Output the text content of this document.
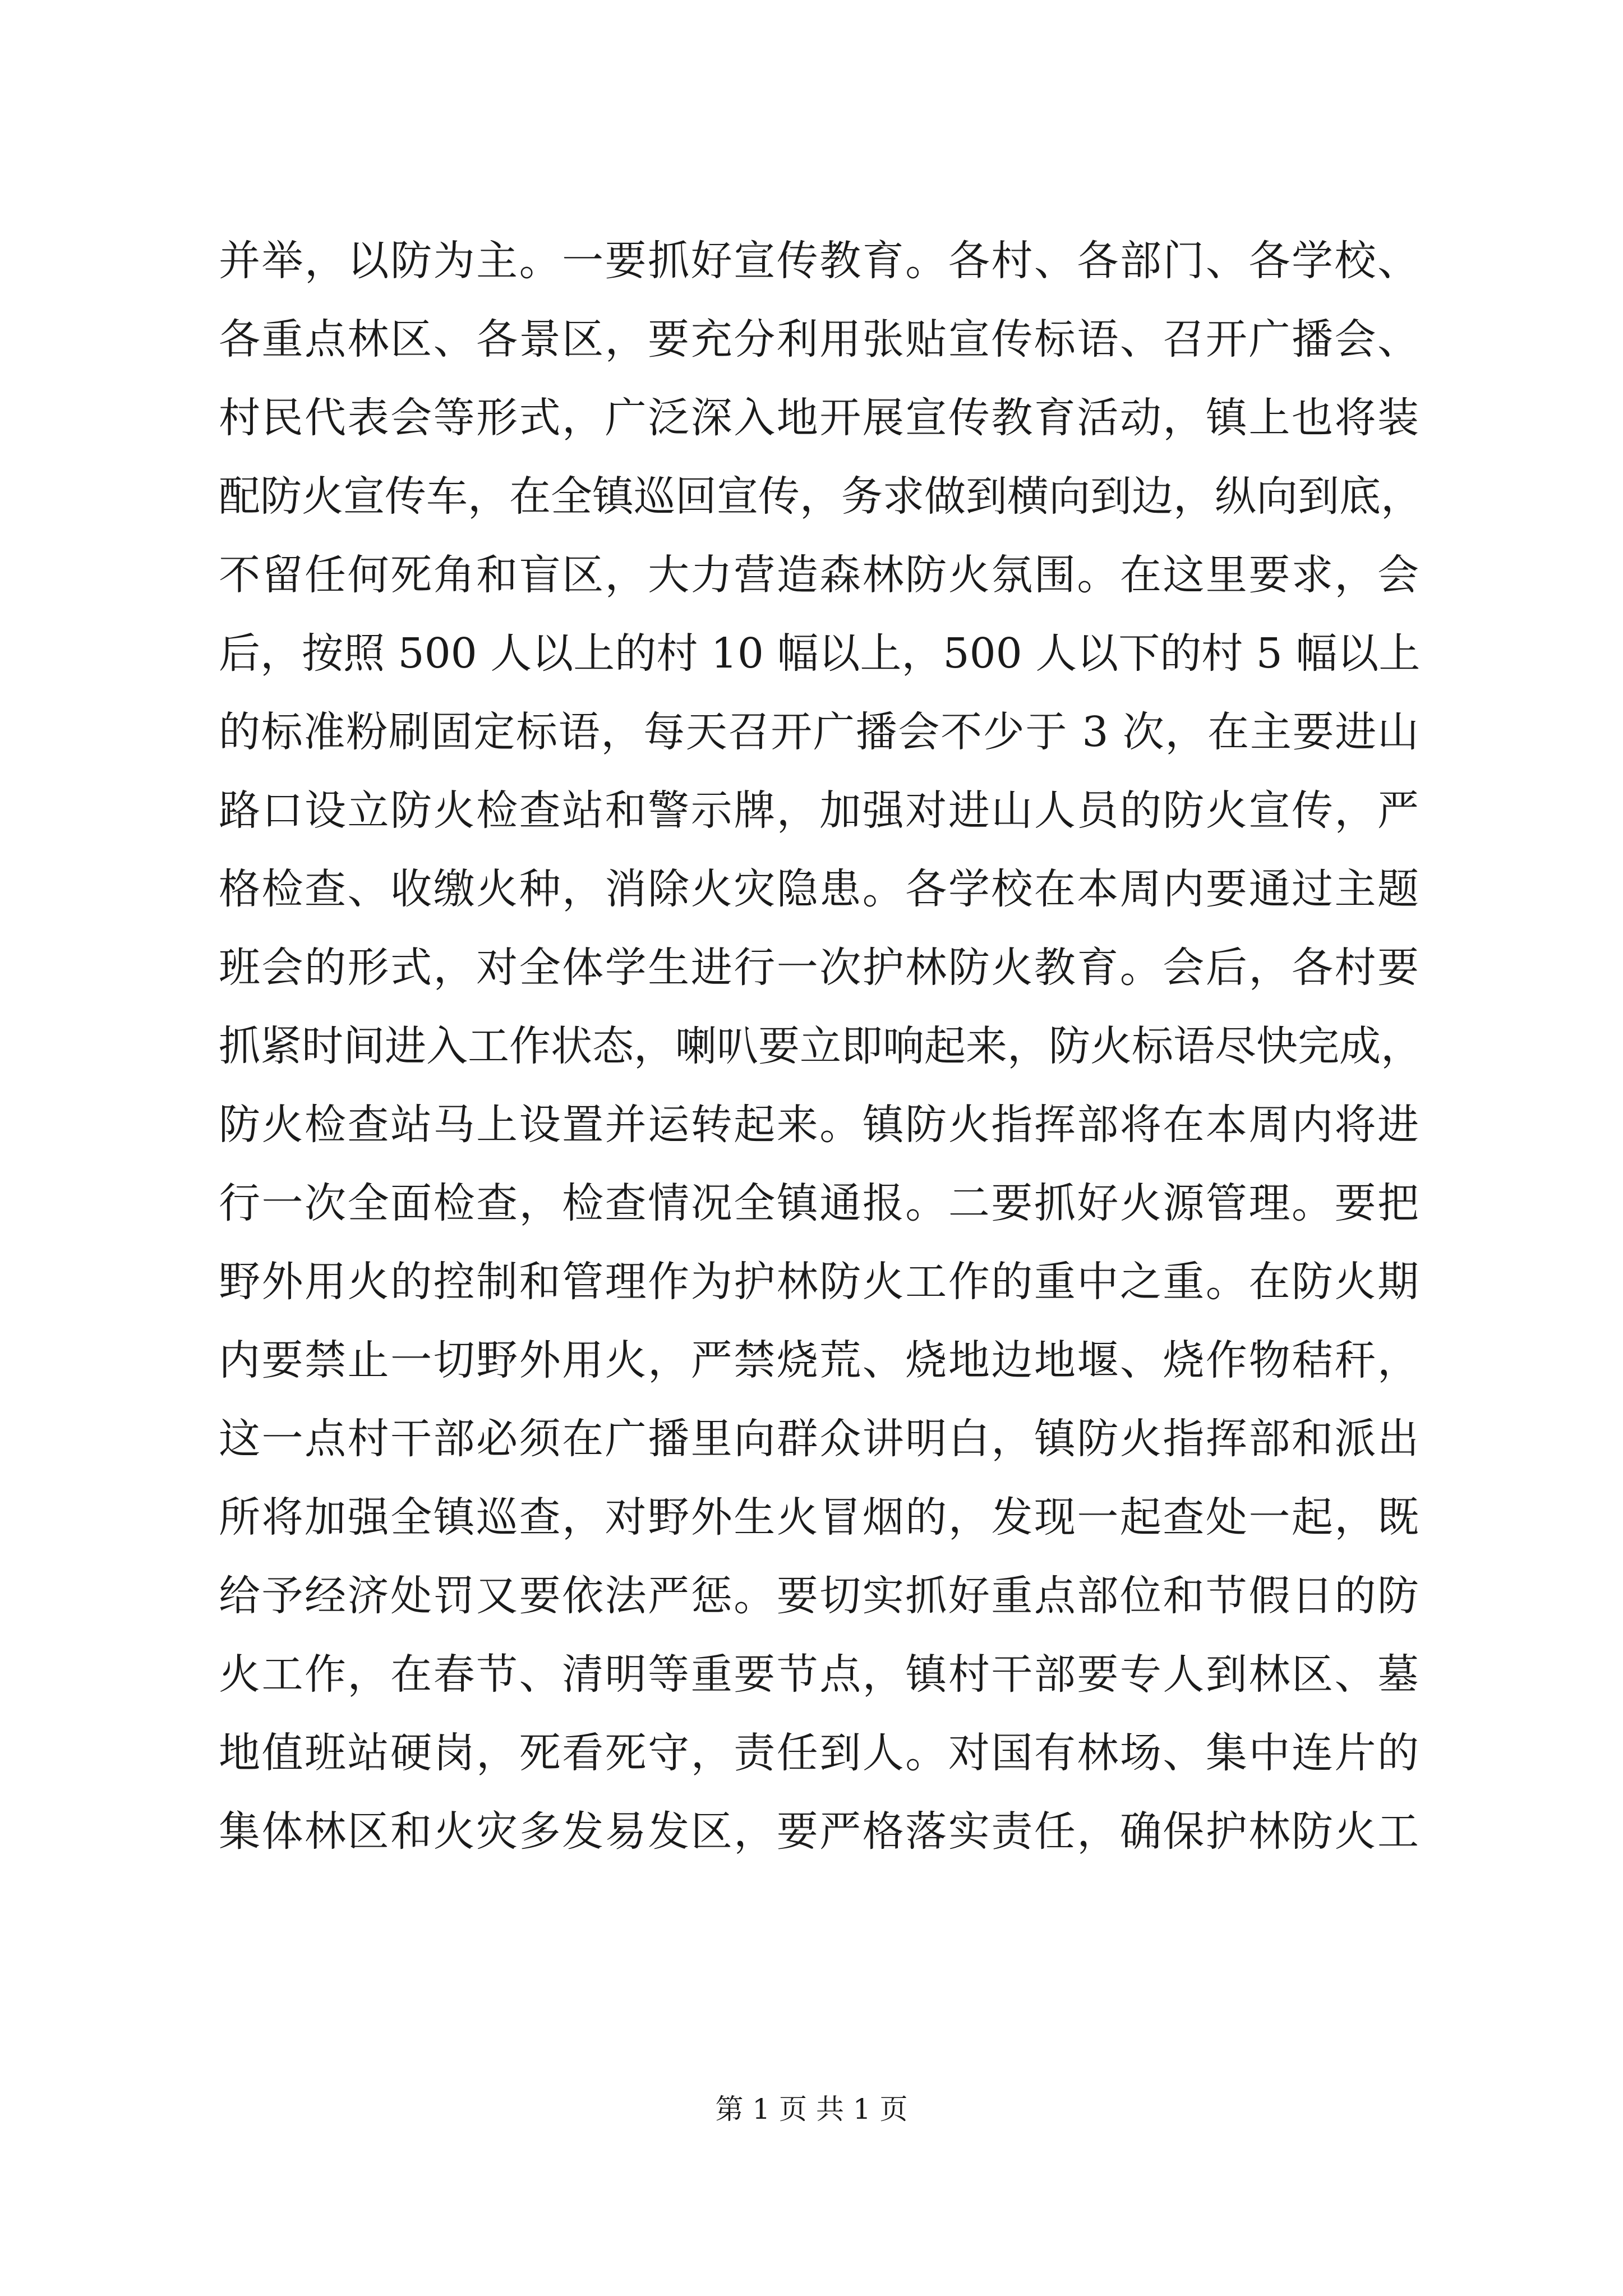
并举，以防为主。一要抓好宣传教育。各村、各部门、各学校、
各重点林区、各景区，要充分利用张贴宣传标语、召开广播会、
村民代表会等形式，广泛深入地开展宣传教育活动，镇上也将装
配防火宣传车，在全镇巡回宣传，务求做到横向到边，纵向到底，
不留任何死角和盲区，大力营造森林防火氛围。在这里要求，会
后，按照 500 人以上的村 10 幅以上，500 人以下的村 5 幅以上
的标准粉刷固定标语，每天召开广播会不少于 3 次，在主要进山
路口设立防火检查站和警示牌，加强对进山人员的防火宣传，严
格检查、收缴火种，消除火灾隐患。各学校在本周内要通过主题
班会的形式，对全体学生进行一次护林防火教育。会后，各村要
抓紧时间进入工作状态，喇叭要立即响起来，防火标语尽快完成，
防火检查站马上设置并运转起来。镇防火指挥部将在本周内将进
行一次全面检查，检查情况全镇通报。二要抓好火源管理。要把
野外用火的控制和管理作为护林防火工作的重中之重。在防火期
内要禁止一切野外用火，严禁烧荒、烧地边地堰、烧作物秸秆，
这一点村干部必须在广播里向群众讲明白，镇防火指挥部和派出
所将加强全镇巡查，对野外生火冒烟的，发现一起查处一起，既
给予经济处罚又要依法严惩。要切实抓好重点部位和节假日的防
火工作，在春节、清明等重要节点，镇村干部要专人到林区、墓
地值班站硬岗，死看死守，责任到人。对国有林场、集中连片的
集体林区和火灾多发易发区，要严格落实责任，确保护林防火工
第 1 页 共 1 页
